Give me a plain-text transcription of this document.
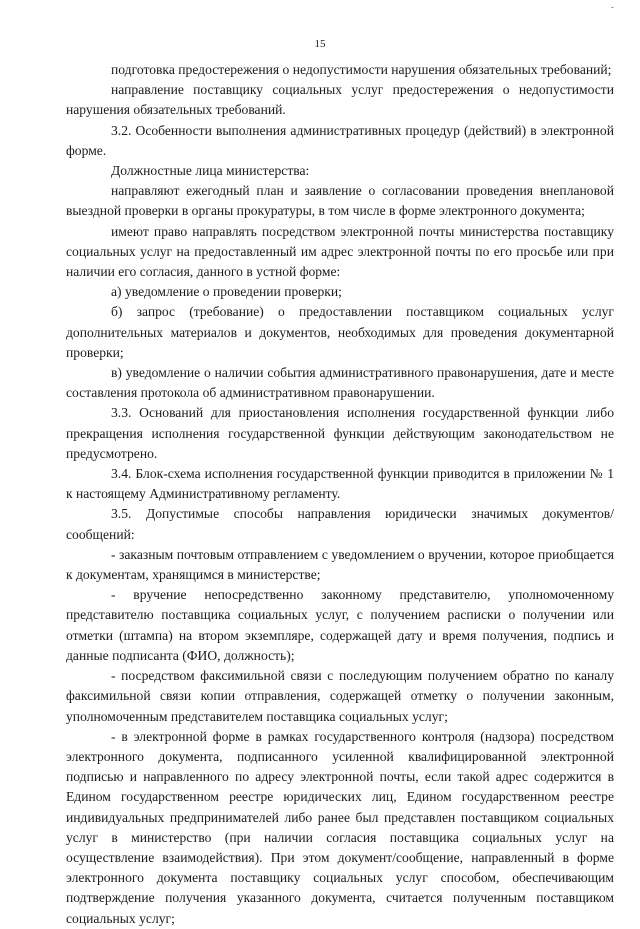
-
15

подготовка предостережения о недопустимости нарушения обязательных требований;

направление поставщику социальных услуг предостережения о недопустимости нарушения обязательных требований.

3.2. Особенности выполнения административных процедур (действий) в электронной форме.

Должностные лица министерства:

направляют ежегодный план и заявление о согласовании проведения внеплановой выездной проверки в органы прокуратуры, в том числе в форме электронного документа;

имеют право направлять посредством электронной почты министерства поставщику социальных услуг на предоставленный им адрес электронной почты по его просьбе или при наличии его согласия, данного в устной форме:

а) уведомление о проведении проверки;

б) запрос (требование) о предоставлении поставщиком социальных услуг дополнительных материалов и документов, необходимых для проведения документарной проверки;

в) уведомление о наличии события административного правонарушения, дате и месте составления протокола об административном правонарушении.

3.3. Оснований для приостановления исполнения государственной функции либо прекращения исполнения государственной функции действующим законодательством не предусмотрено.

3.4. Блок-схема исполнения государственной функции приводится в приложении № 1 к настоящему Административному регламенту.

3.5. Допустимые способы направления юридически значимых документов/сообщений:

- заказным почтовым отправлением с уведомлением о вручении, которое приобщается к документам, хранящимся в министерстве;

- вручение непосредственно законному представителю, уполномоченному представителю поставщика социальных услуг, с получением расписки о получении или отметки (штампа) на втором экземпляре, содержащей дату и время получения, подпись и данные подписанта (ФИО, должность);

- посредством факсимильной связи с последующим получением обратно по каналу факсимильной связи копии отправления, содержащей отметку о получении законным, уполномоченным представителем поставщика социальных услуг;

- в электронной форме в рамках государственного контроля (надзора) посредством электронного документа, подписанного усиленной квалифицированной электронной подписью и направленного по адресу электронной почты, если такой адрес содержится в Едином государственном реестре юридических лиц, Едином государственном реестре индивидуальных предпринимателей либо ранее был представлен поставщиком социальных услуг в министерство (при наличии согласия поставщика социальных услуг на осуществление взаимодействия). При этом документ/сообщение, направленный в форме электронного документа поставщику социальных услуг способом, обеспечивающим подтверждение получения указанного документа, считается полученным поставщиком социальных услуг;
